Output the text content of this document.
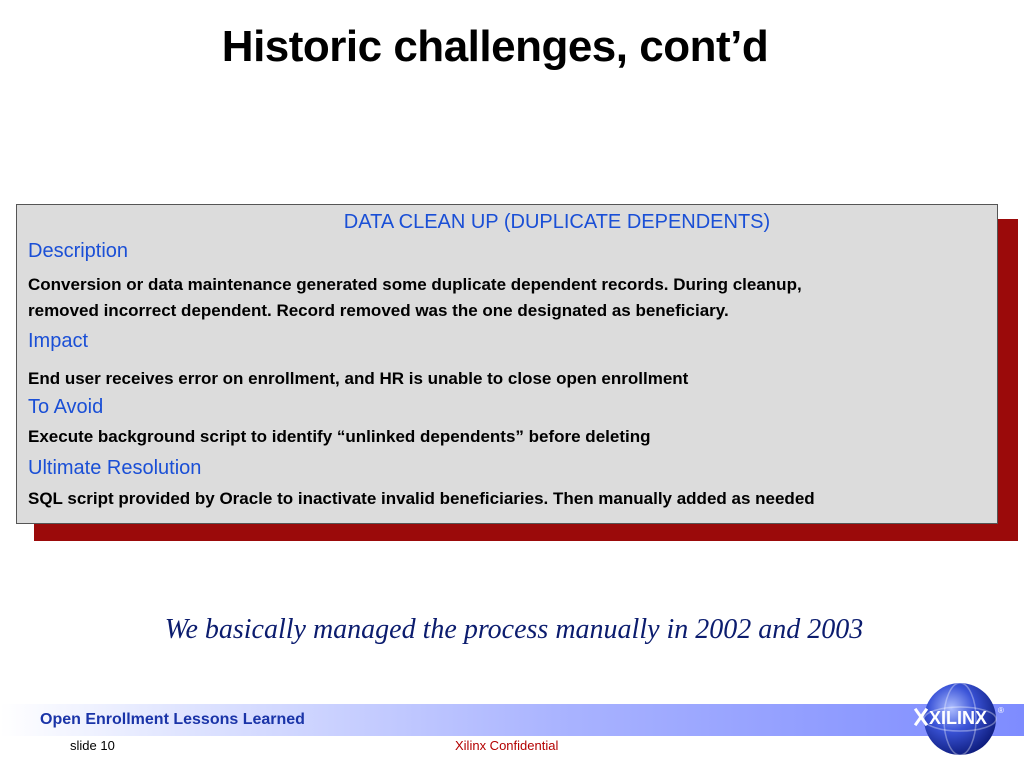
Historic challenges, cont’d
DATA CLEAN UP (DUPLICATE DEPENDENTS)
Description
Conversion or data maintenance generated some duplicate dependent records. During cleanup,
removed incorrect dependent. Record removed was the one designated as beneficiary.
Impact
End user receives error on enrollment, and HR is unable to close open enrollment
To Avoid
Execute background script to identify “unlinked dependents” before deleting
Ultimate Resolution
SQL script provided by Oracle to inactivate invalid beneficiaries. Then manually added as needed
We basically managed the process manually in 2002 and 2003
Open Enrollment Lessons Learned
slide 10	Xilinx Confidential
XILINX ®
